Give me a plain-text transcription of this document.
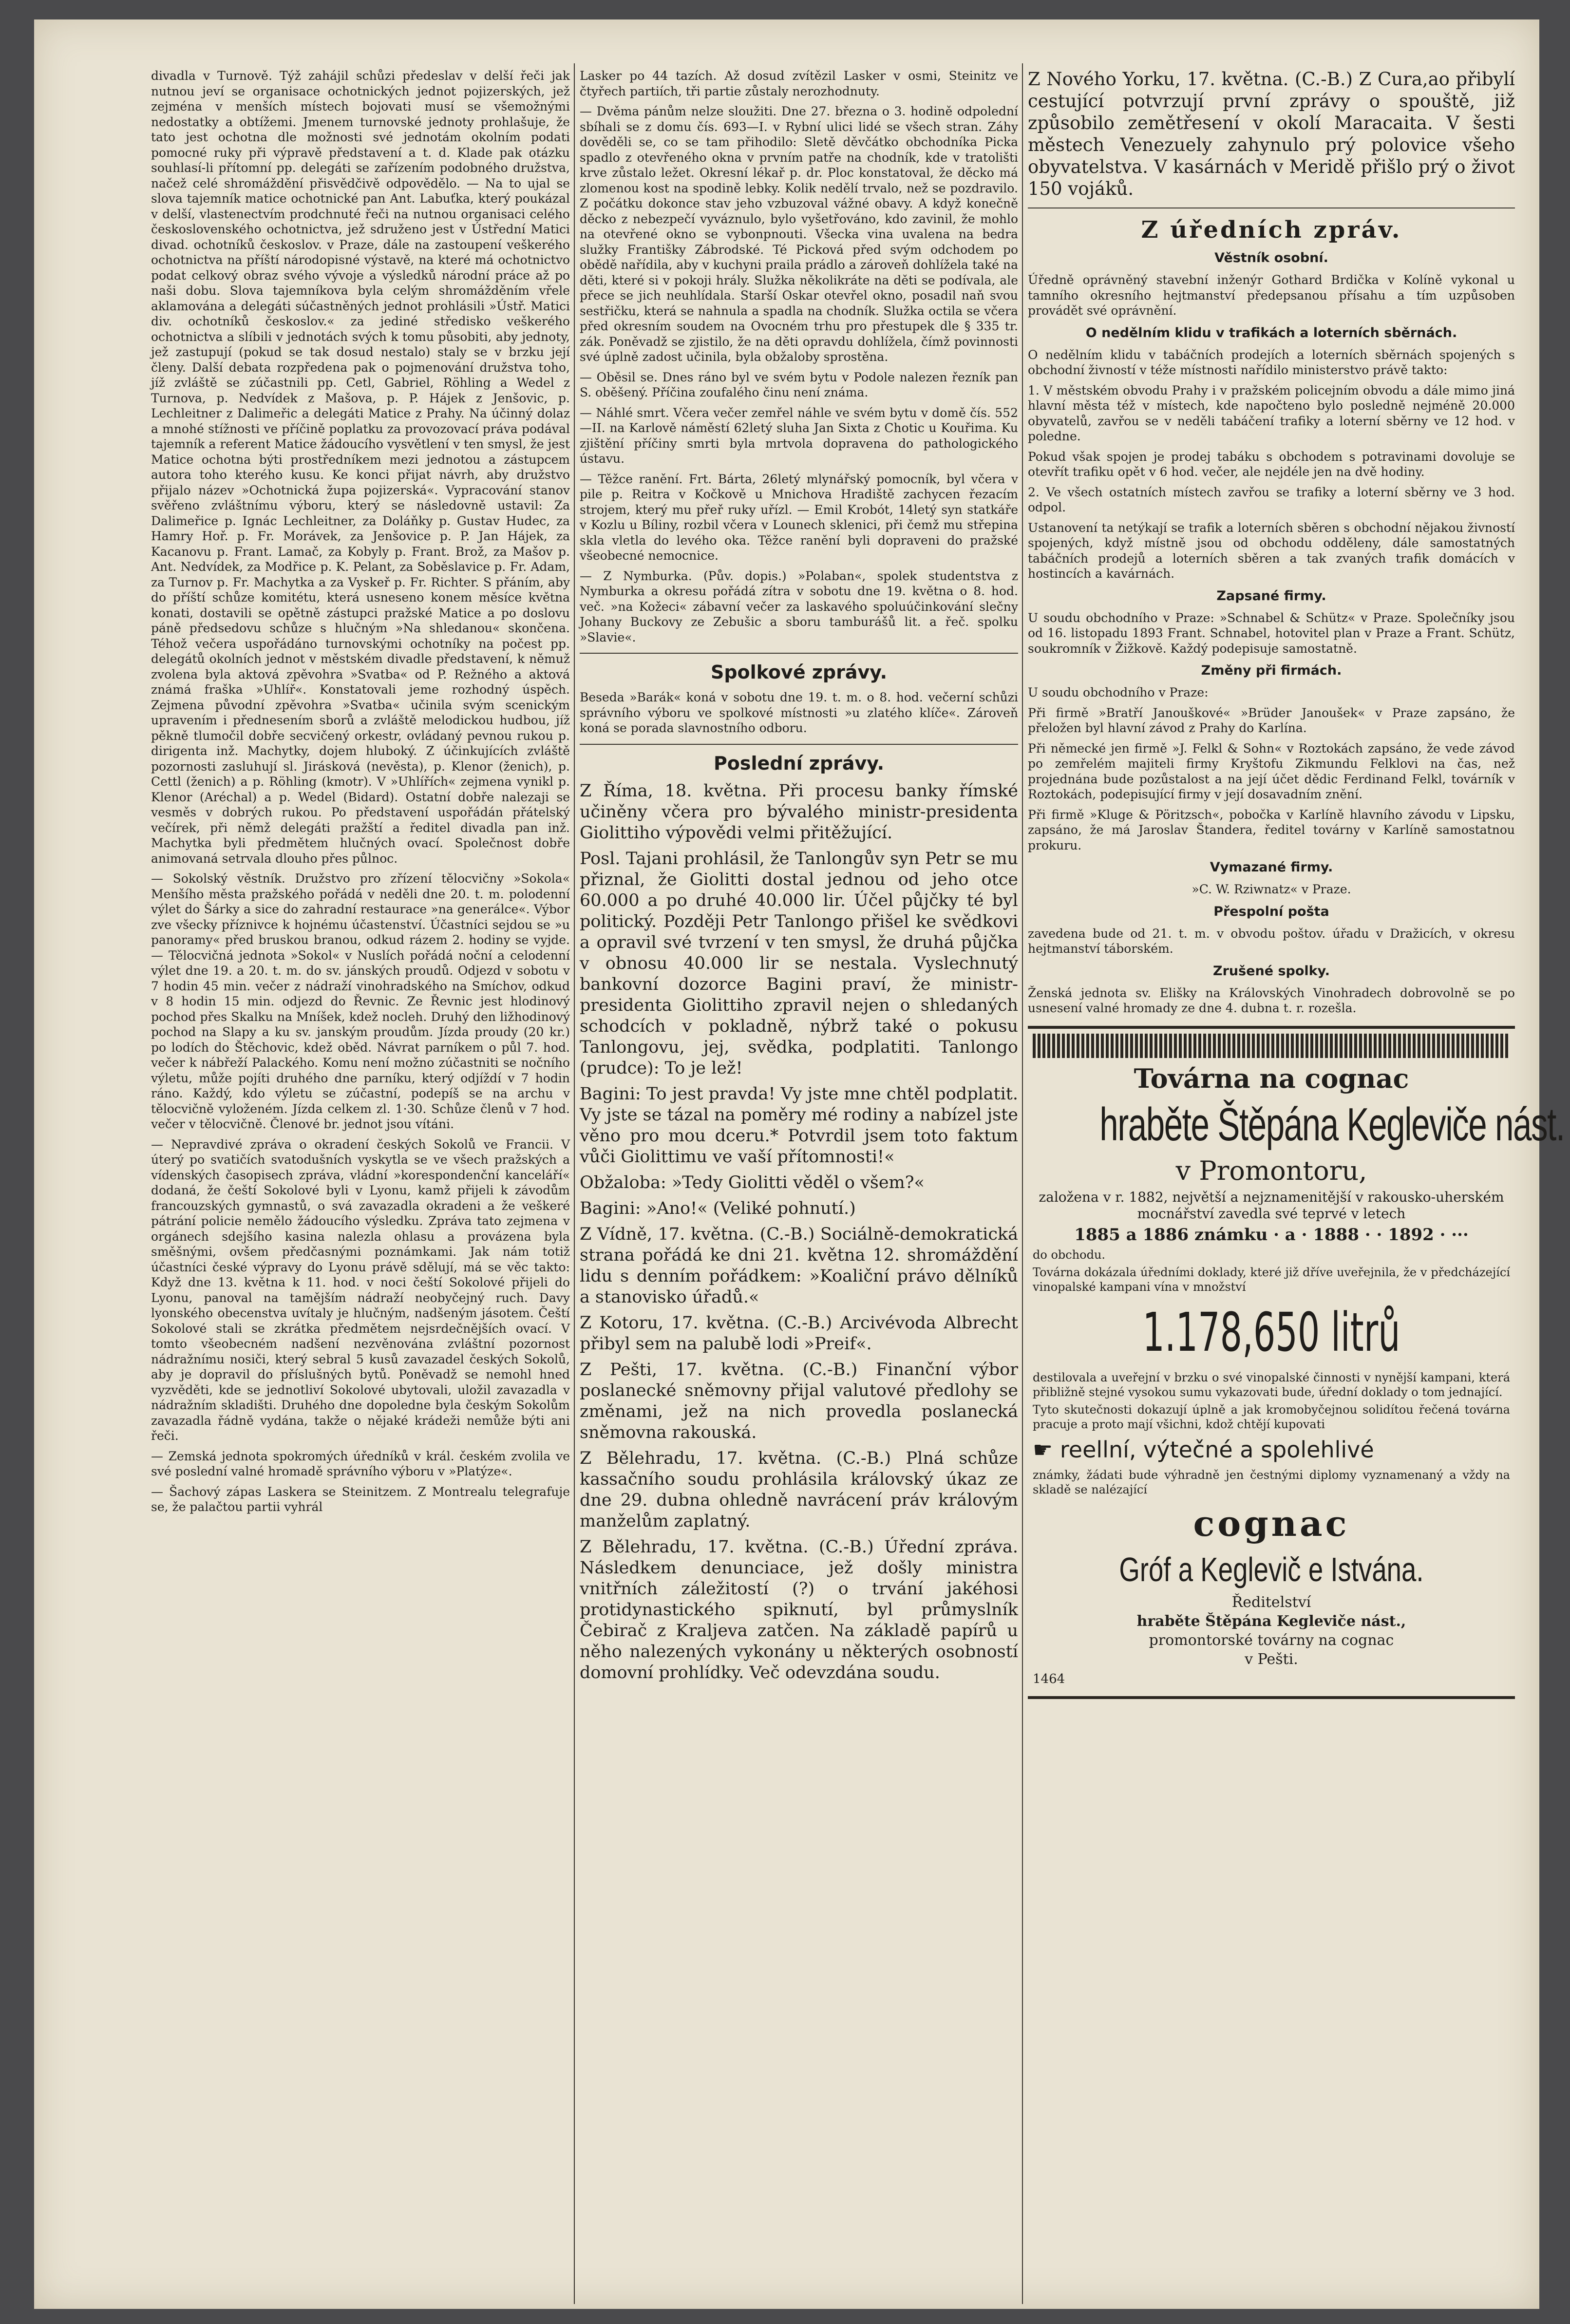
divadla v Turnově. Týž zahájil schůzi předeslav v delší řeči jak nutnou jeví se organisace ochotnických jednot pojizerských, jež zejména v menších místech bojovati musí se všemožnými nedostatky a obtížemi. Jmenem turnovské jednoty prohlašuje, že tato jest ochotna dle možnosti své jednotám okolním podati pomocné ruky při výpravě představení a t. d. Klade pak otázku souhlasí-li přítomní pp. delegáti se zařízením podobného družstva, načež celé shromáždění přisvědčivě odpovědělo. — Na to ujal se slova tajemník matice ochotnické pan Ant. Labuťka, který poukázal v delší, vlastenectvím prodchnuté řeči na nutnou organisaci celého československého ochotnictva, jež sdruženo jest v Ústřední Matici divad. ochotníků českoslov. v Praze, dále na zastoupení veškerého ochotnictva na příští národopisné výstavě, na které má ochotnictvo podat celkový obraz svého vývoje a výsledků národní práce až po naši dobu. Slova tajemníkova byla celým shromážděním vřele aklamována a delegáti súčastněných jednot prohlásili »Ústř. Matici div. ochotníků českoslov.« za jediné středisko veškerého ochotnictva a slíbili v jednotách svých k tomu působiti, aby jednoty, jež zastupují (pokud se tak dosud nestalo) staly se v brzku její členy. Další debata rozpředena pak o pojmenování družstva toho, jíž zvláště se zúčastnili pp. Cetl, Gabriel, Röhling a Wedel z Turnova, p. Nedvídek z Mašova, p. P. Hájek z Jenšovic, p. Lechleitner z Dalimeřic a delegáti Matice z Prahy. Na účinný dolaz a mnohé stížnosti ve příčině poplatku za provozovací práva podával tajemník a referent Matice žádoucího vysvětlení v ten smysl, že jest Matice ochotna býti prostředníkem mezi jednotou a zástupcem autora toho kterého kusu. Ke konci přijat návrh, aby družstvo přijalo název »Ochotnická župa pojizerská«. Vypracování stanov svěřeno zvláštnímu výboru, který se následovně ustavil: Za Dalimeřice p. Ignác Lechleitner, za Doláňky p. Gustav Hudec, za Hamry Hoř. p. Fr. Morávek, za Jenšovice p. P. Jan Hájek, za Kacanovu p. Frant. Lamač, za Kobyly p. Frant. Brož, za Mašov p. Ant. Nedvídek, za Modřice p. K. Pelant, za Soběslavice p. Fr. Adam, za Turnov p. Fr. Machytka a za Vyskeř p. Fr. Richter. S přáním, aby do příští schůze komitétu, která usneseno konem měsíce května konati, dostavili se opětně zástupci pražské Matice a po doslovu páně předsedovu schůze s hlučným »Na shledanou« skončena. Téhož večera uspořádáno turnovskými ochotníky na počest pp. delegátů okolních jednot v městském divadle představení, k němuž zvolena byla aktová zpěvohra »Svatba« od P. Režného a aktová známá fraška »Uhlíř«. Konstatovali jeme rozhodný úspěch. Zejmena původní zpěvohra »Svatba« učinila svým scenickým upravením i přednesením sborů a zvláště melodickou hudbou, jíž pěkně tlumočil dobře secvičený orkestr, ovládaný pevnou rukou p. dirigenta inž. Machytky, dojem hluboký. Z účinkujících zvláště pozornosti zasluhují sl. Jirásková (nevěsta), p. Klenor (ženich), p. Cettl (ženich) a p. Röhling (kmotr). V »Uhlířích« zejmena vynikl p. Klenor (Aréchal) a p. Wedel (Bidard). Ostatní dobře nalezaji se vesměs v dobrých rukou. Po představení uspořádán přátelský večírek, při němž delegáti pražští a ředitel divadla pan inž. Machytka byli předmětem hlučných ovací. Společnost dobře animovaná setrvala dlouho přes půlnoc.

— Sokolský věstník. Družstvo pro zřízení tělocvičny »Sokola« Menšího města pražského pořádá v neděli dne 20. t. m. polodenní výlet do Šárky a sice do zahradní restaurace »na generálce«. Výbor zve všecky příznivce k hojnému účastenství. Účastníci sejdou se »u panoramy« před bruskou branou, odkud rázem 2. hodiny se vyjde. — Tělocvičná jednota »Sokol« v Nuslích pořádá noční a celodenní výlet dne 19. a 20. t. m. do sv. jánských proudů. Odjezd v sobotu v 7 hodin 45 min. večer z nádraží vinohradského na Smíchov, odkud v 8 hodin 15 min. odjezd do Řevnic. Ze Řevnic jest hlodinový pochod přes Skalku na Mníšek, kdež nocleh. Druhý den ližhodinový pochod na Slapy a ku sv. janským proudům. Jízda proudy (20 kr.) po lodích do Štěchovic, kdež oběd. Návrat parníkem o půl 7. hod. večer k nábřeží Palackého. Komu není možno zúčastniti se nočního výletu, může pojíti druhého dne parníku, který odjíždí v 7 hodin ráno. Každý, kdo výletu se zúčastní, podepíš se na archu v tělocvičně vyloženém. Jízda celkem zl. 1·30. Schůze členů v 7 hod. večer v tělocvičně. Členové br. jednot jsou vítáni.

— Nepravdivé zpráva o okradení českých Sokolů ve Francii. V úterý po svatičích svatodušních vyskytla se ve všech pražských a vídenských časopisech zpráva, vládní »korespondenční kanceláří« dodaná, že čeští Sokolové byli v Lyonu, kamž přijeli k závodům francouzských gymnastů, o svá zavazadla okradeni a že veškeré pátrání policie nemělo žádoucího výsledku. Zpráva tato zejmena v orgánech sdejšího kasina nalezla ohlasu a provázena byla směšnými, ovšem předčasnými poznámkami. Jak nám totiž účastníci české výpravy do Lyonu právě sdělují, má se věc takto: Když dne 13. května k 11. hod. v noci čeští Sokolové přijeli do Lyonu, panoval na tamějším nádraží neobyčejný ruch. Davy lyonského obecenstva uvítaly je hlučným, nadšeným jásotem. Čeští Sokolové stali se zkrátka předmětem nejsrdečnějších ovací. V tomto všeobecném nadšení nezvěnována zvláštní pozornost nádražnímu nosiči, který sebral 5 kusů zavazadel českých Sokolů, aby je dopravil do příslušných bytů. Poněvadž se nemohl hned vyzvěděti, kde se jednotliví Sokolové ubytovali, uložil zavazadla v nádražním skladišti. Druhého dne dopoledne byla českým Sokolům zavazadla řádně vydána, takže o nějaké krádeži nemůže býti ani řeči.

— Zemská jednota spokromých úředníků v král. českém zvolila ve své poslední valné hromadě správního výboru v »Platýze«.

— Šachový zápas Laskera se Steinitzem. Z Montrealu telegrafuje se, že palačtou partii vyhrál

Lasker po 44 tazích. Až dosud zvítězil Lasker v osmi, Steinitz ve čtyřech partiích, tři partie zůstaly nerozhodnuty.

— Dvěma pánům nelze sloužiti. Dne 27. března o 3. hodině odpolední sbíhali se z domu čís. 693—I. v Rybní ulici lidé se všech stran. Záhy dověděli se, co se tam přihodilo: Sletě děvčátko obchodníka Picka spadlo z otevřeného okna v prvním patře na chodník, kde v tratolišti krve zůstalo ležet. Okresní lékař p. dr. Ploc konstatoval, že děcko má zlomenou kost na spodině lebky. Kolik nedělí trvalo, než se pozdravilo. Z počátku dokonce stav jeho vzbuzoval vážné obavy. A když konečně děcko z nebezpečí vyváznulo, bylo vyšetřováno, kdo zavinil, že mohlo na otevřené okno se vybonpnouti. Všecka vina uvalena na bedra služky Františky Zábrodské. Té Picková před svým odchodem po obědě nařídila, aby v kuchyni praila prádlo a zároveň dohlížela také na děti, které si v pokoji hrály. Služka několikráte na děti se podívala, ale přece se jich neuhlídala. Starší Oskar otevřel okno, posadil naň svou sestřičku, která se nahnula a spadla na chodník. Služka octila se včera před okresním soudem na Ovocném trhu pro přestupek dle § 335 tr. zák. Poněvadž se zjistilo, že na děti opravdu dohlížela, čímž povinnosti své úplně zadost učinila, byla obžaloby sprostěna.

— Oběsil se. Dnes ráno byl ve svém bytu v Podole nalezen řezník pan S. oběšený. Příčina zoufalého činu není známa.

— Náhlé smrt. Včera večer zemřel náhle ve svém bytu v domě čís. 552—II. na Karlově náměstí 62letý sluha Jan Sixta z Chotic u Kouřima. Ku zjištění příčiny smrti byla mrtvola dopravena do pathologického ústavu.

— Těžce ranění. Frt. Bárta, 26letý mlynářský pomocník, byl včera v pile p. Reitra v Kočkově u Mnichova Hradiště zachycen řezacím strojem, který mu přeř ruky uřízl. — Emil Krobót, 14letý syn statkáře v Kozlu u Bíliny, rozbil včera v Lounech sklenici, při čemž mu střepina skla vletla do levého oka. Těžce ranění byli dopraveni do pražské všeobecné nemocnice.

— Z Nymburka. (Pův. dopis.) »Polaban«, spolek studentstva z Nymburka a okresu pořádá zítra v sobotu dne 19. května o 8. hod. več. »na Kožeci« zábavní večer za laskavého spoluúčinkování slečny Johany Buckovy ze Zebušic a sboru tamburášů lit. a řeč. spolku »Slavie«.

Spolkové zprávy.

Beseda »Barák« koná v sobotu dne 19. t. m. o 8. hod. večerní schůzi správního výboru ve spolkové místnosti »u zlatého klíče«. Zároveň koná se porada slavnostního odboru.

Poslední zprávy.

Z Říma, 18. května. Při procesu banky římské učiněny včera pro bývalého ministr-presidenta Giolittiho výpovědi velmi přitěžující.

Posl. Tajani prohlásil, že Tanlongův syn Petr se mu přiznal, že Giolitti dostal jednou od jeho otce 60.000 a po druhé 40.000 lir. Účel půjčky té byl politický. Později Petr Tanlongo přišel ke svědkovi a opravil své tvrzení v ten smysl, že druhá půjčka v obnosu 40.000 lir se nestala. Vyslechnutý bankovní dozorce Bagini praví, že ministr-presidenta Giolittiho zpravil nejen o shledaných schodcích v pokladně, nýbrž také o pokusu Tanlongovu, jej, svědka, podplatiti. Tanlongo (prudce): To je lež!

Bagini: To jest pravda! Vy jste mne chtěl podplatit. Vy jste se tázal na poměry mé rodiny a nabízel jste věno pro mou dceru.* Potvrdil jsem toto faktum vůči Giolittimu ve vaší přítomnosti!«

Obžaloba: »Tedy Giolitti věděl o všem?«

Bagini: »Ano!« (Veliké pohnutí.)

Z Vídně, 17. května. (C.-B.) Sociálně-demokratická strana pořádá ke dni 21. května 12. shromáždění lidu s denním pořádkem: »Koaliční právo dělníků a stanovisko úřadů.«

Z Kotoru, 17. května. (C.-B.) Arcivévoda Albrecht přibyl sem na palubě lodi »Preif«.

Z Pešti, 17. května. (C.-B.) Finanční výbor poslanecké sněmovny přijal valutové předlohy se změnami, jež na nich provedla poslanecká sněmovna rakouská.

Z Bělehradu, 17. května. (C.-B.) Plná schůze kassačního soudu prohlásila královský úkaz ze dne 29. dubna ohledně navrácení práv královým manželům zaplatný.

Z Bělehradu, 17. května. (C.-B.) Úřední zpráva. Následkem denunciace, jež došly ministra vnitřních záležitostí (?) o trvání jakéhosi protidynastického spiknutí, byl průmyslník Čebirač z Kraljeva zatčen. Na základě papírů u něho nalezených vykonány u některých osobností domovní prohlídky. Več odevzdána soudu.

Z Nového Yorku, 17. května. (C.-B.) Z Cura,ao přibylí cestující potvrzují první zprávy o spouště, již způsobilo zemětřesení v okolí Maracaita. V šesti městech Venezuely zahynulo prý polovice všeho obyvatelstva. V kasárnách v Meridě přišlo prý o život 150 vojáků.

Z úředních zpráv.
Věstník osobní.

Úředně oprávněný stavební inženýr Gothard Brdička v Kolíně vykonal u tamního okresního hejtmanství předepsanou přísahu a tím uzpůsoben provádět své oprávnění.

O nedělním klidu v trafikách a loterních sběrnách.

O nedělním klidu v tabáčních prodejích a loterních sběrnách spojených s obchodní živností v téže místnosti nařídilo ministerstvo právě takto:

1. V městském obvodu Prahy i v pražském policejním obvodu a dále mimo jiná hlavní města též v místech, kde napočteno bylo posledně nejméně 20.000 obyvatelů, zavřou se v neděli tabáčení trafiky a loterní sběrny ve 12 hod. v poledne.

Pokud však spojen je prodej tabáku s obchodem s potravinami dovoluje se otevřít trafiku opět v 6 hod. večer, ale nejdéle jen na dvě hodiny.

2. Ve všech ostatních místech zavřou se trafiky a loterní sběrny ve 3 hod. odpol.

Ustanovení ta netýkají se trafik a loterních sběren s obchodní nějakou živností spojených, když místně jsou od obchodu odděleny, dále samostatných tabáčních prodejů a loterních sběren a tak zvaných trafik domácích v hostincích a kavárnách.

Zapsané firmy.

U soudu obchodního v Praze: »Schnabel & Schütz« v Praze. Společníky jsou od 16. listopadu 1893 Frant. Schnabel, hotovitel plan v Praze a Frant. Schütz, soukromník v Žižkově. Každý podepisuje samostatně.

Změny při firmách.

U soudu obchodního v Praze:

Při firmě »Bratří Janouškové« »Brüder Janoušek« v Praze zapsáno, že přeložen byl hlavní závod z Prahy do Karlína.

Při německé jen firmě »J. Felkl & Sohn« v Roztokách zapsáno, že vede závod po zemřelém majiteli firmy Kryštofu Zikmundu Felklovi na čas, než projednána bude pozůstalost a na její účet dědic Ferdinand Felkl, továrník v Roztokách, podepisující firmy v její dosavadním znění.

Při firmě »Kluge & Pöritzsch«, pobočka v Karlíně hlavního závodu v Lipsku, zapsáno, že má Jaroslav Štandera, ředitel továrny v Karlíně samostatnou prokuru.

Vymazané firmy.

»C. W. Rziwnatz« v Praze.

Přespolní pošta

zavedena bude od 21. t. m. v obvodu poštov. úřadu v Dražicích, v okresu hejtmanství táborském.

Zrušené spolky.

Ženská jednota sv. Elišky na Královských Vinohradech dobrovolně se po usnesení valné hromady ze dne 4. dubna t. r. rozešla.

Továrna na cognac
hraběte Štěpána Kegleviče nást.
v Promontoru,
založena v r. 1882, největší a nejznamenitější v rakousko-uherském mocnářství zavedla své teprvé v letech
1885 a 1886 známku · a · 1888 · · 1892 · ···
do obchodu.
Továrna dokázala úředními doklady, které již dříve uveřejnila, že v předcházející vinopalské kampani vína v množství
1.178,650 litrů
destilovala a uveřejní v brzku o své vinopalské činnosti v nynější kampani, která přibližně stejné vysokou sumu vykazovati bude, úřední doklady o tom jednající.
Tyto skutečnosti dokazují úplně a jak kromobyčejnou solidítou řečená továrna pracuje a proto mají všichni, kdož chtějí kupovati
☛ reellní, výtečné a spolehlivé
známky, žádati bude výhradně jen čestnými diplomy vyznamenaný a vždy na skladě se nalézající
cognac
Gróf a Keglevič e Istvána.
Ředitelství
hraběte Štěpána Kegleviče nást.,
promontorské továrny na cognac
v Pešti.
1464
